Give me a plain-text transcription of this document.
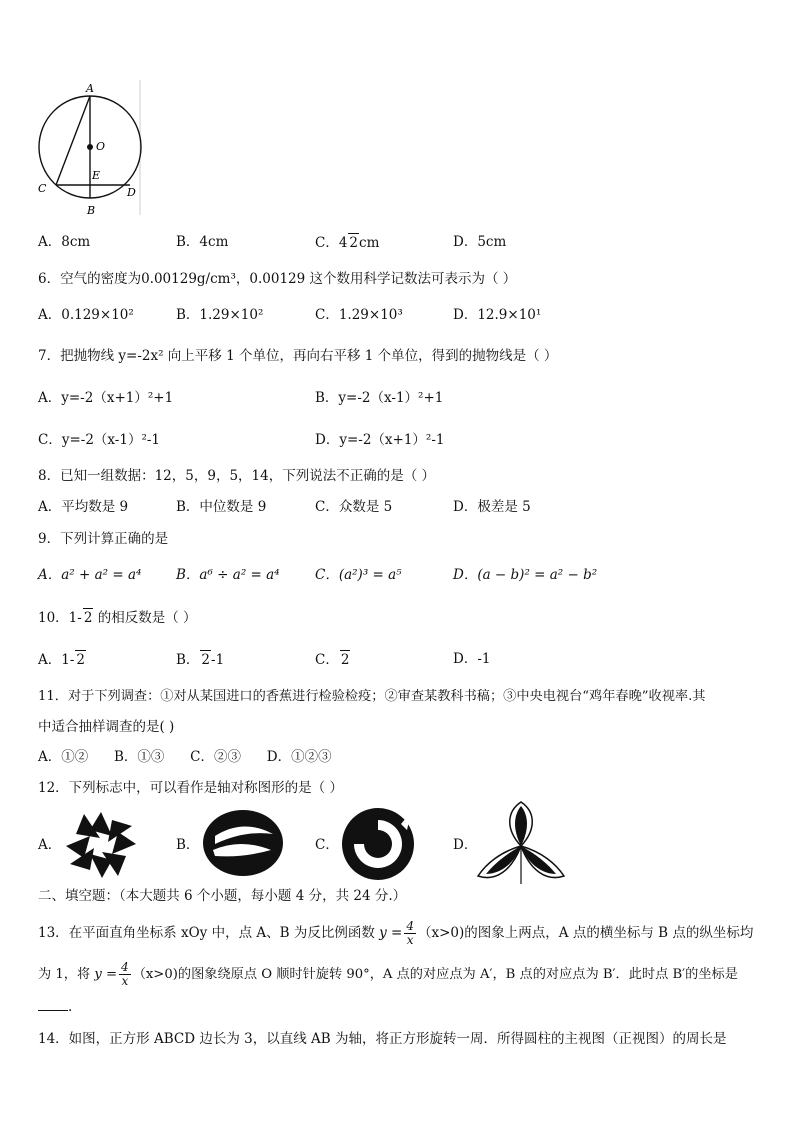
A
O
E
C	D
B
A．8cm	B．4cm	C．4 2cm	D．5cm
6．空气的密度为0.00129g/cm³，0.00129 这个数用科学记数法可表示为（ ）
A．0.129×10²	B．1.29×10²	C．1.29×10³	D．12.9×10¹
7．把抛物线 y=-2x² 向上平移 1 个单位，再向右平移 1 个单位，得到的抛物线是（ ）
A．y=-2（x+1）²+1	B．y=-2（x-1）²+1
C．y=-2（x-1）²-1	D．y=-2（x+1）²-1
8．已知一组数据：12，5，9，5，14，下列说法不正确的是（ ）
A．平均数是 9	B．中位数是 9	C．众数是 5	D．极差是 5
9．下列计算正确的是
A．a² + a² = a⁴	B．a⁶ ÷ a² = a⁴	C．(a²)³ = a⁵	D．(a − b)² = a² − b²
10．1- 2 的相反数是（ ）
A．1- 2	B． 2-1	C． 2	D．-1
11．对于下列调查：①对从某国进口的香蕉进行检验检疫；②审查某教科书稿；③中央电视台“鸡年春晚”收视率.其
中适合抽样调查的是( )
A．①②      B．①③      C．②③      D．①②③
12．下列标志中，可以看作是轴对称图形的是（ ）
A．	B．	C．	D．
二、填空题：（本大题共 6 个小题，每小题 4 分，共 24 分.）
13．在平面直角坐标系 xOy 中，点 A、B 为反比例函数 $y = \frac{4}{x} (x>0)$的图象上两点，A 点的横坐标与 B 点的纵坐标均
为 1，将 $y = \frac{4}{x} (x>0)$的图象绕原点 O 顺时针旋转 90°，A 点的对应点为 A′，B 点的对应点为 B′．此时点 B′的坐标是
.
14．如图，正方形 ABCD 边长为 3，以直线 AB 为轴，将正方形旋转一周．所得圆柱的主视图（正视图）的周长是
